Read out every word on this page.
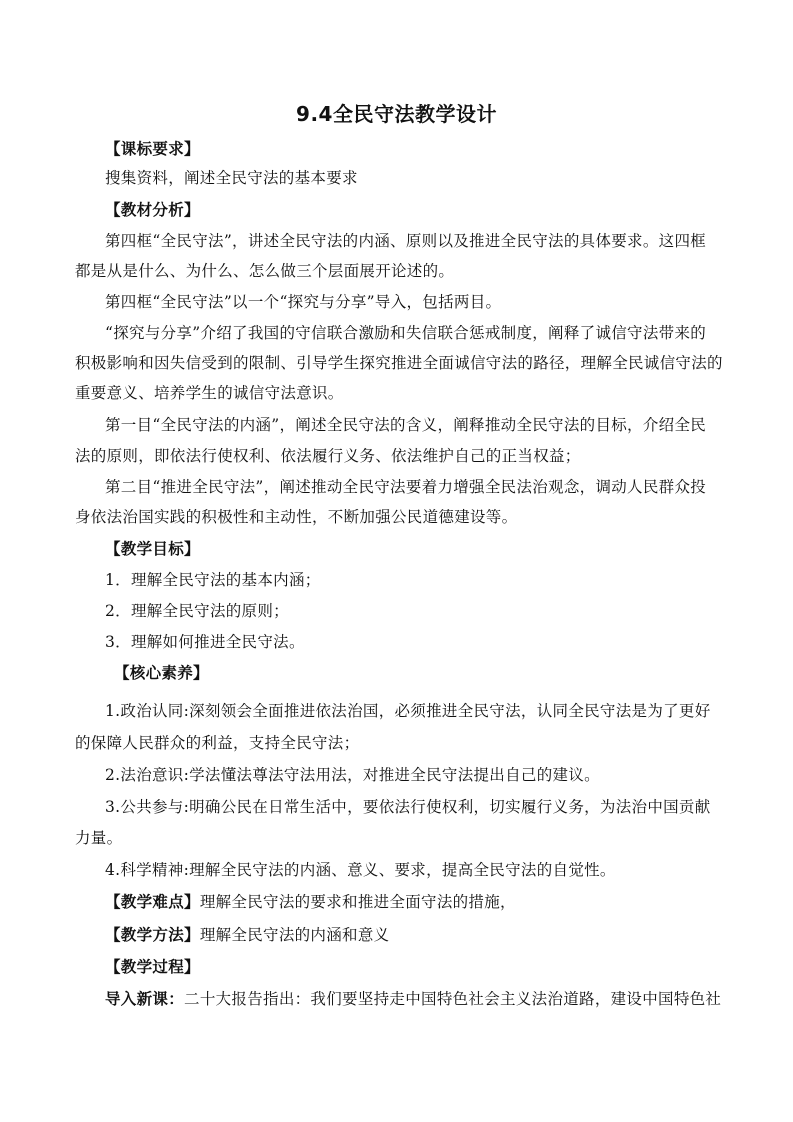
9.4全民守法教学设计
【课标要求】
搜集资料，阐述全民守法的基本要求
【教材分析】
第四框“全民守法”，讲述全民守法的内涵、原则以及推进全民守法的具体要求。这四框
都是从是什么、为什么、怎么做三个层面展开论述的。
第四框“全民守法”以一个“探究与分享”导入，包括两目。
“探究与分享”介绍了我国的守信联合激励和失信联合惩戒制度，阐释了诚信守法带来的
积极影响和因失信受到的限制、引导学生探究推进全面诚信守法的路径，理解全民诚信守法的
重要意义、培养学生的诚信守法意识。
第一目“全民守法的内涵”，阐述全民守法的含义，阐释推动全民守法的目标，介绍全民
法的原则，即依法行使权利、依法履行义务、依法维护自己的正当权益；
第二目“推进全民守法”，阐述推动全民守法要着力增强全民法治观念，调动人民群众投
身依法治国实践的积极性和主动性，不断加强公民道德建设等。
【教学目标】
1．理解全民守法的基本内涵；
2．理解全民守法的原则；
3．理解如何推进全民守法。
【核心素养】
1.政治认同:深刻领会全面推进依法治国，必须推进全民守法，认同全民守法是为了更好
的保障人民群众的利益，支持全民守法；
2.法治意识:学法懂法尊法守法用法，对推进全民守法提出自己的建议。
3.公共参与:明确公民在日常生活中，要依法行使权利，切实履行义务，为法治中国贡献
力量。
4.科学精神:理解全民守法的内涵、意义、要求，提高全民守法的自觉性。
【教学难点】理解全民守法的要求和推进全面守法的措施，
【教学方法】理解全民守法的内涵和意义
【教学过程】
导入新课：二十大报告指出：我们要坚持走中国特色社会主义法治道路，建设中国特色社
